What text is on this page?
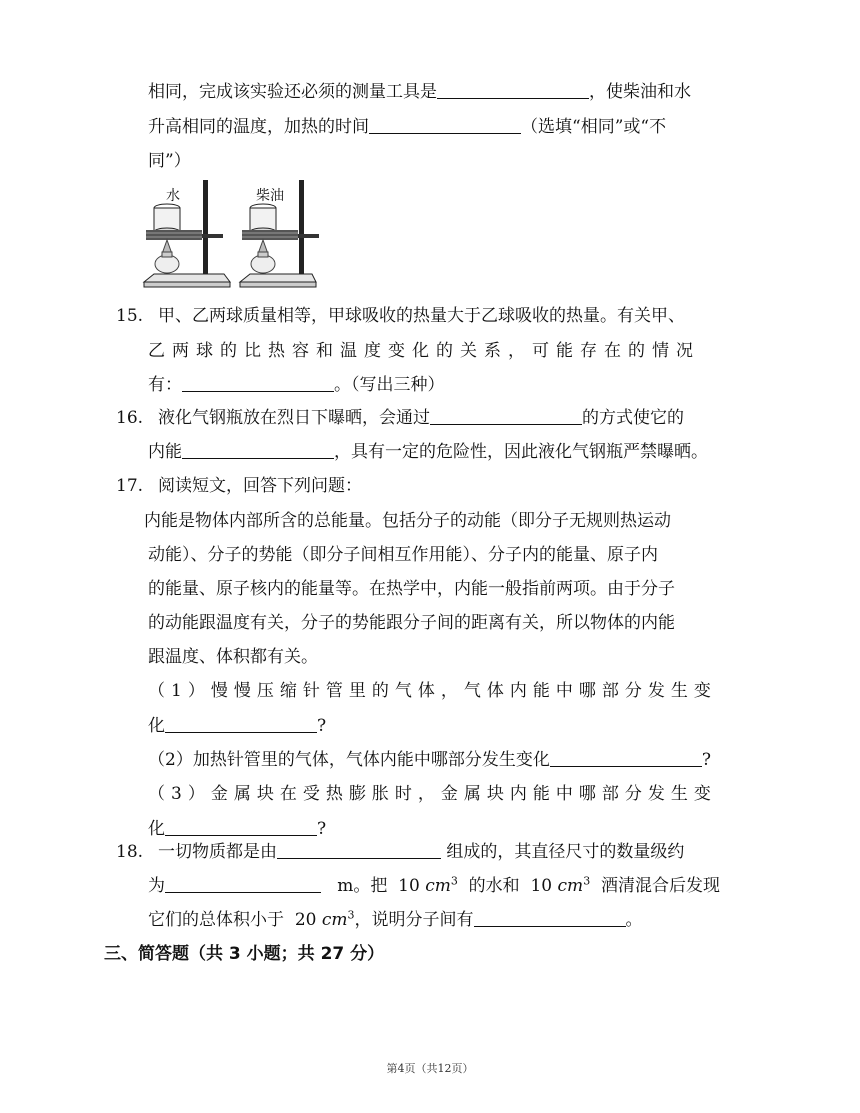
相同，完成该实验还必须的测量工具是	，使柴油和水
升高相同的温度，加热的时间	（选填“相同”或“不
同”）
水	柴油
15. 甲、乙两球质量相等，甲球吸收的热量大于乙球吸收的热量。有关甲、
乙两球的比热容和温度变化的关系，可能存在的情况
有：	。（写出三种）
16. 液化气钢瓶放在烈日下曝晒，会通过	的方式使它的
内能	，具有一定的危险性，因此液化气钢瓶严禁曝晒。
17. 阅读短文，回答下列问题：
内能是物体内部所含的总能量。包括分子的动能（即分子无规则热运动
动能）、分子的势能（即分子间相互作用能）、分子内的能量、原子内
的能量、原子核内的能量等。在热学中，内能一般指前两项。由于分子
的动能跟温度有关，分子的势能跟分子间的距离有关，所以物体的内能
跟温度、体积都有关。
（1）慢慢压缩针管里的气体，气体内能中哪部分发生变
化	?
（2）加热针管里的气体，气体内能中哪部分发生变化	?
（3）金属块在受热膨胀时，金属块内能中哪部分发生变
化	?
18. 一切物质都是由	组成的，其直径尺寸的数量级约
为	m。把 10 $cm^3$ 的水和 10 $cm^3$ 酒清混合后发现
它们的总体积小于 20 $cm^3$，说明分子间有	。
三、简答题（共 3 小题；共 27 分）
第4页（共12页）
